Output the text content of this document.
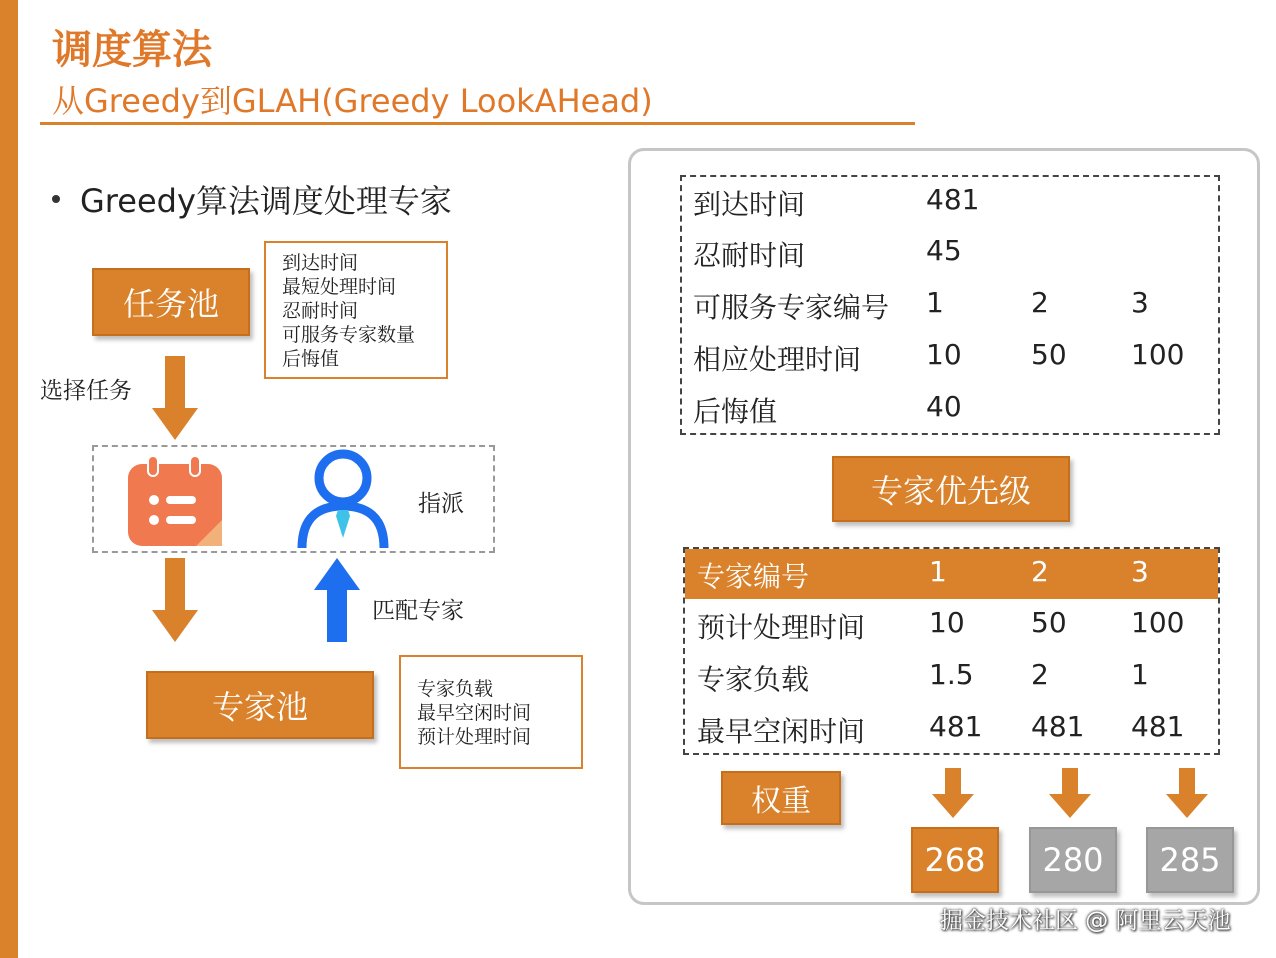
调度算法
从Greedy到GLAH(Greedy LookAHead)
Greedy算法调度处理专家
任务池
到达时间
最短处理时间
忍耐时间
可服务专家数量
后悔值
选择任务
指派
匹配专家
专家池	专家负载
最早空闲时间
预计处理时间
到达时间	481
忍耐时间	45
可服务专家编号 1	2	3
相应处理时间 10 50 100
后悔值	40
专家优先级
专家编号	1	2	3
预计处理时间 10 50 100
专家负载	1.5 2	1
最早空闲时间 481 481 481
权重
268	280	285
掘金技术社区 @ 阿里云天池
